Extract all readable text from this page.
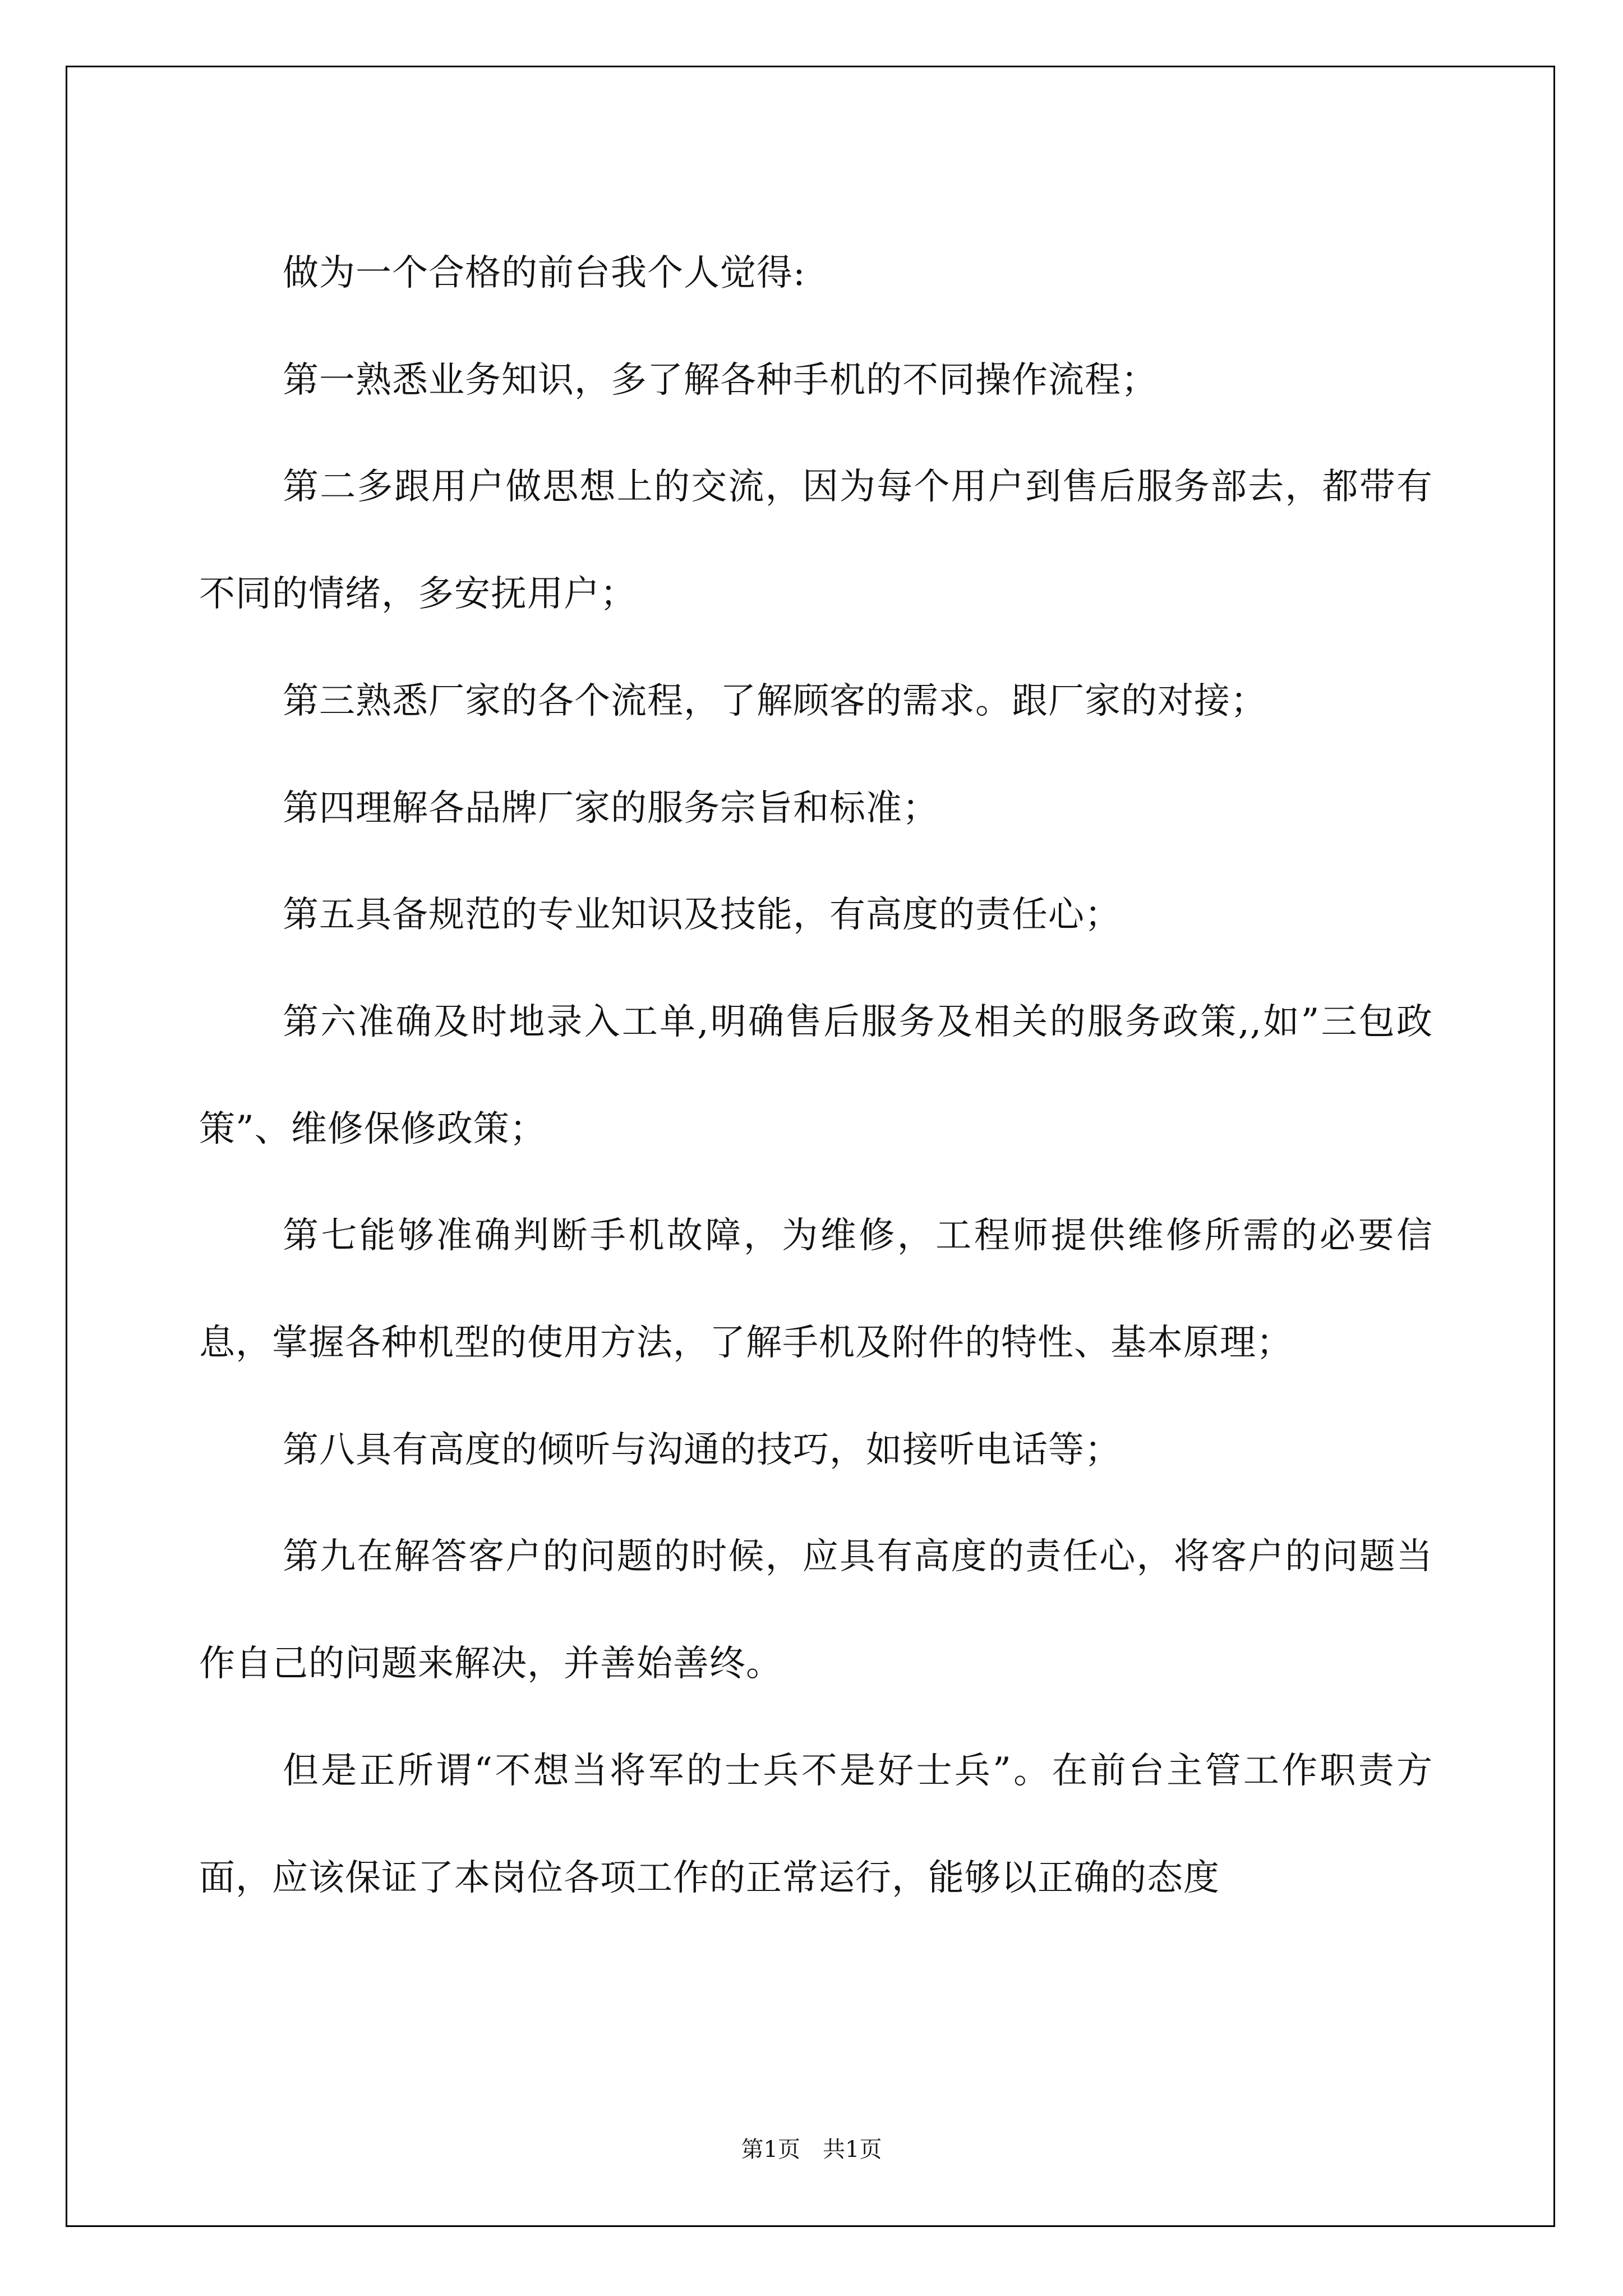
做为一个合格的前台我个人觉得:

第一熟悉业务知识，多了解各种手机的不同操作流程；

第二多跟用户做思想上的交流，因为每个用户到售后服务部去，都带有不同的情绪，多安抚用户；

第三熟悉厂家的各个流程，了解顾客的需求。跟厂家的对接；

第四理解各品牌厂家的服务宗旨和标准；

第五具备规范的专业知识及技能，有高度的责任心；

第六准确及时地录入工单,明确售后服务及相关的服务政策,,如”三包政策”、维修保修政策；

第七能够准确判断手机故障，为维修，工程师提供维修所需的必要信息，掌握各种机型的使用方法，了解手机及附件的特性、基本原理；

第八具有高度的倾听与沟通的技巧，如接听电话等；

第九在解答客户的问题的时候，应具有高度的责任心，将客户的问题当作自己的问题来解决，并善始善终。

但是正所谓“不想当将军的士兵不是好士兵”。在前台主管工作职责方面，应该保证了本岗位各项工作的正常运行，能够以正确的态度

第1页 共1页
